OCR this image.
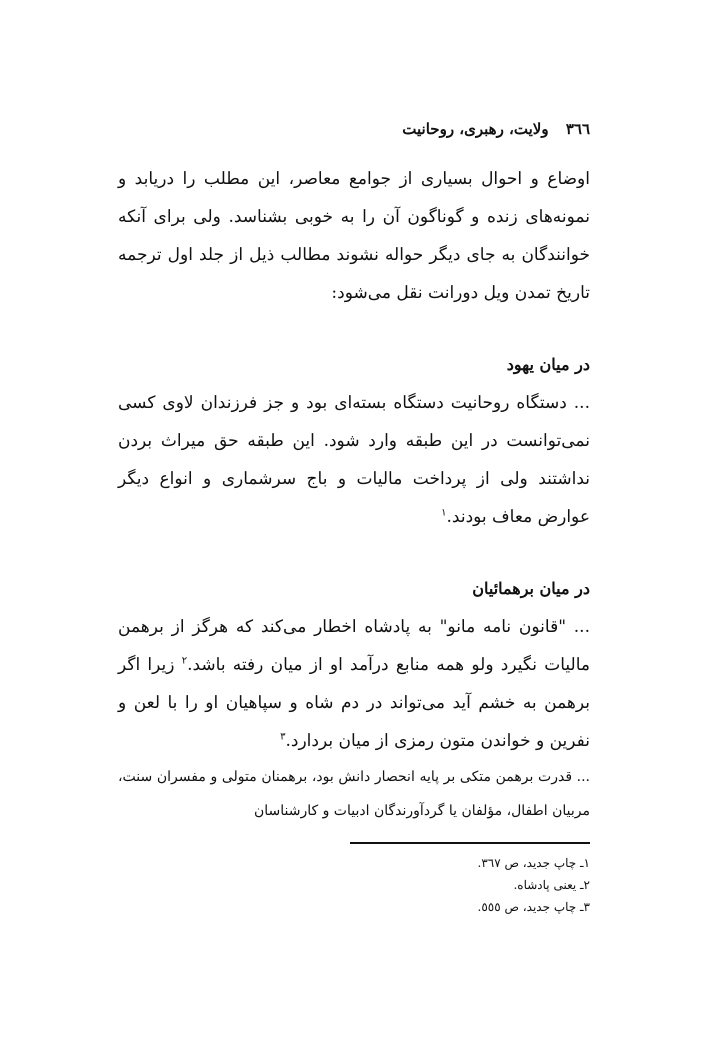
٣٦٦ ولایت، رهبری، روحانیت

اوضاع و احوال بسیاری از جوامع معاصر، این مطلب را دریابد و نمونه‌های زنده و گوناگون آن را به خوبی بشناسد. ولی برای آنکه خوانندگان به جای دیگر حواله نشوند مطالب ذیل از جلد اول ترجمه تاریخ تمدن ویل دورانت نقل می‌شود:

در میان یهود

... دستگاه روحانیت دستگاه بسته‌ای بود و جز فرزندان لاوی کسی نمی‌توانست در این طبقه وارد شود. این طبقه حق میراث بردن نداشتند ولی از پرداخت مالیات و باج سرشماری و انواع دیگر عوارض معاف بودند.$^١$

در میان برهمائیان

... "قانون نامه مانو" به پادشاه اخطار می‌کند که هرگز از برهمن مالیات نگیرد ولو همه منابع درآمد او از میان رفته باشد.$^٢$ زیرا اگر برهمن به خشم آید می‌تواند در دم شاه و سپاهیان او را با لعن و نفرین و خواندن متون رمزی از میان بردارد.$^٣$

... قدرت برهمن متکی بر پایه انحصار دانش بود، برهمنان متولی و مفسران سنت، مربیان اطفال، مؤلفان یا گردآورندگان ادبیات و کارشناسان

١ـ چاپ جدید، ص ٣٦٧.
٢ـ یعنی پادشاه.
٣ـ چاپ جدید، ص ٥٥٥.
